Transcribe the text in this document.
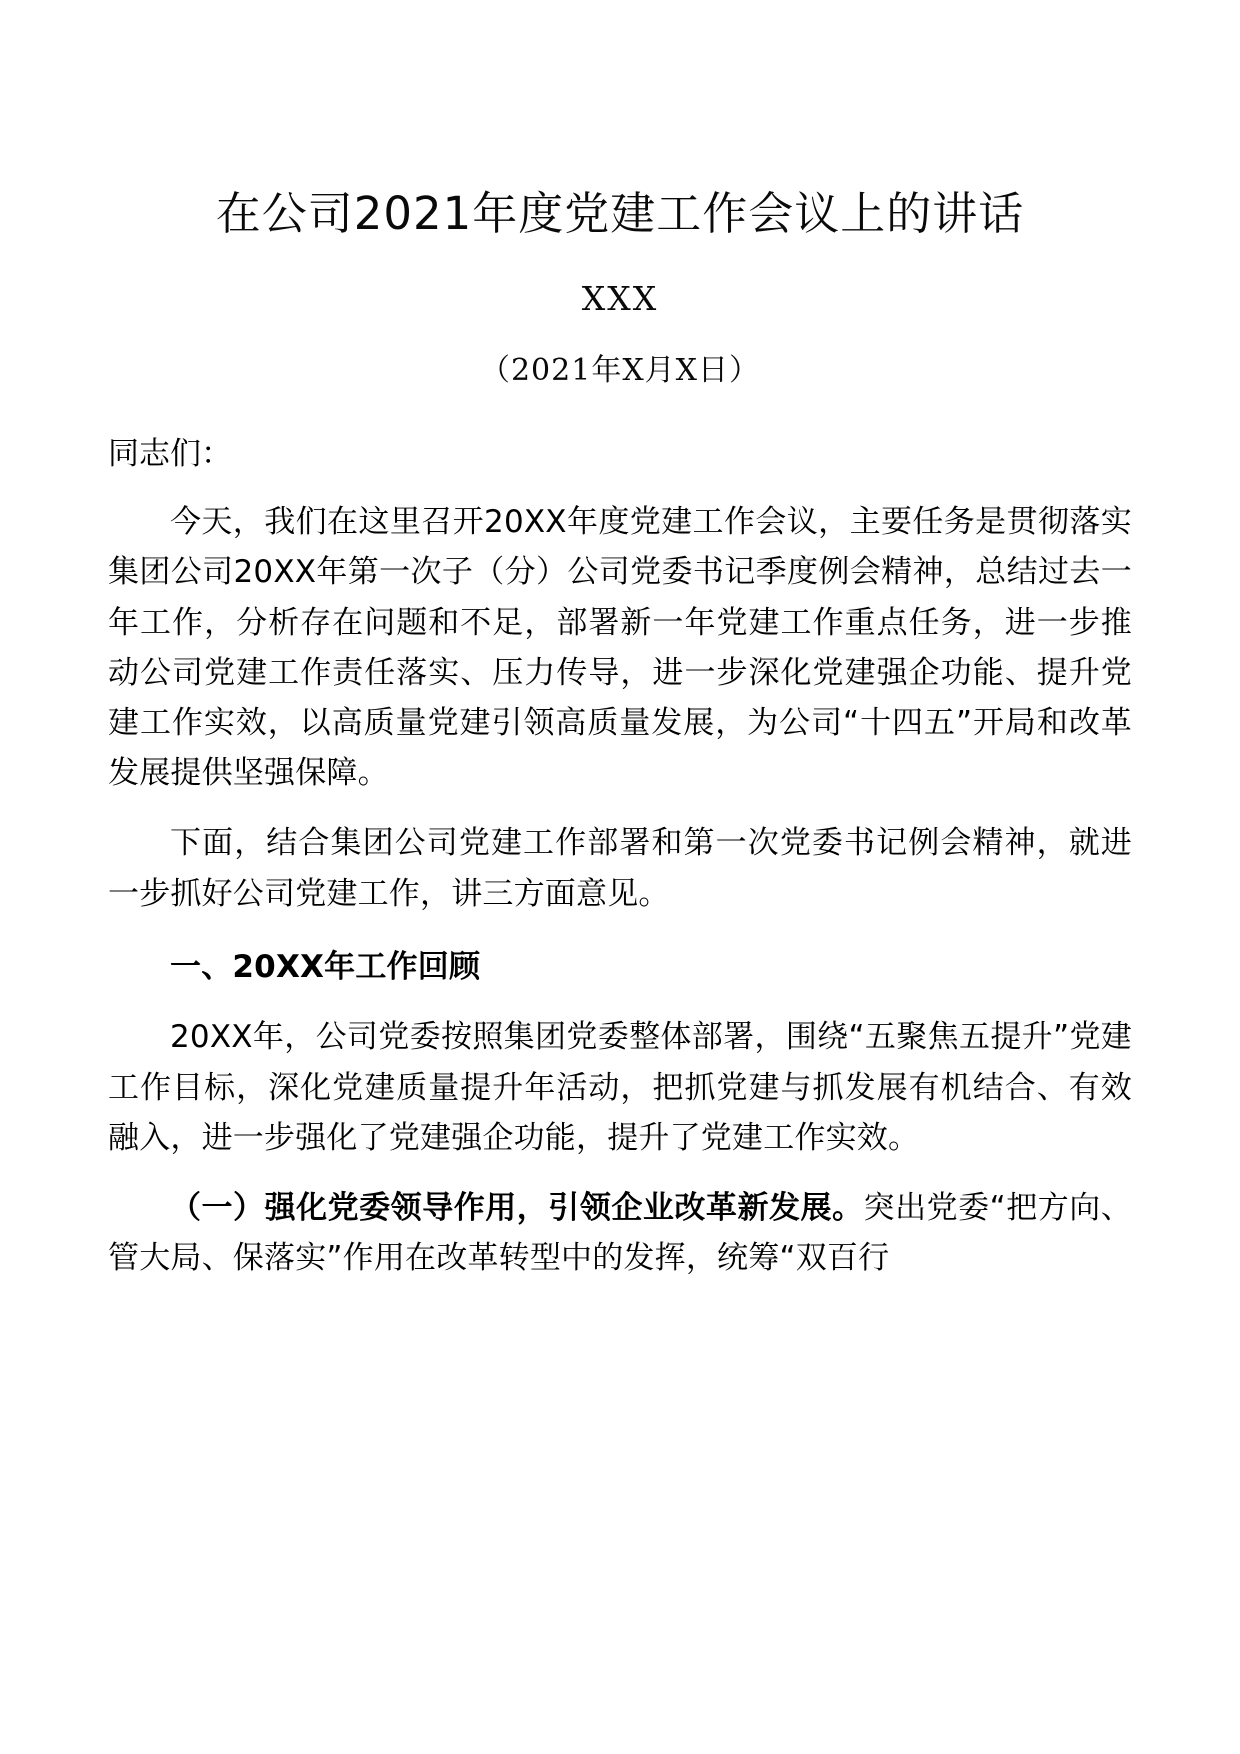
在公司2021年度党建工作会议上的讲话
XXX
（2021年X月X日）
同志们：

今天，我们在这里召开20XX年度党建工作会议，主要任务是贯彻落实集团公司20XX年第一次子（分）公司党委书记季度例会精神，总结过去一年工作，分析存在问题和不足，部署新一年党建工作重点任务，进一步推动公司党建工作责任落实、压力传导，进一步深化党建强企功能、提升党建工作实效，以高质量党建引领高质量发展，为公司“十四五”开局和改革发展提供坚强保障。

下面，结合集团公司党建工作部署和第一次党委书记例会精神，就进一步抓好公司党建工作，讲三方面意见。

一、20XX年工作回顾

20XX年，公司党委按照集团党委整体部署，围绕“五聚焦五提升”党建工作目标，深化党建质量提升年活动，把抓党建与抓发展有机结合、有效融入，进一步强化了党建强企功能，提升了党建工作实效。

（一）强化党委领导作用，引领企业改革新发展。突出党委“把方向、管大局、保落实”作用在改革转型中的发挥，统筹“双百行
